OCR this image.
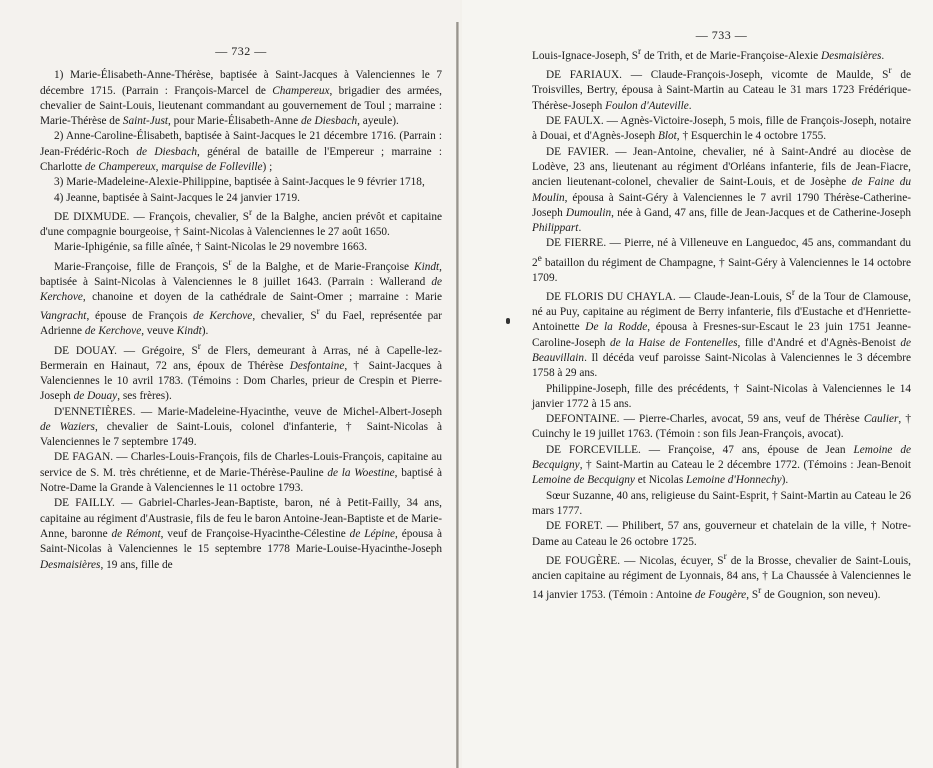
— 732 —

1) Marie-Élisabeth-Anne-Thérèse, baptisée à Saint-Jacques à Valenciennes le 7 décembre 1715. (Parrain : François-Marcel de Champereux, brigadier des armées, chevalier de Saint-Louis, lieutenant commandant au gouvernement de Toul ; marraine : Marie-Thérèse de Saint-Just, pour Marie-Élisabeth-Anne de Diesbach, ayeule).

2) Anne-Caroline-Élisabeth, baptisée à Saint-Jacques le 21 décembre 1716. (Parrain : Jean-Frédéric-Roch de Diesbach, général de bataille de l'Empereur ; marraine : Charlotte de Champereux, marquise de Folleville) ;

3) Marie-Madeleine-Alexie-Philippine, baptisée à Saint-Jacques le 9 février 1718,

4) Jeanne, baptisée à Saint-Jacques le 24 janvier 1719.

DE DIXMUDE. — François, chevalier, $S^r$ de la Balghe, ancien prévôt et capitaine d'une compagnie bourgeoise, † Saint-Nicolas à Valenciennes le 27 août 1650.

Marie-Iphigénie, sa fille aînée, † Saint-Nicolas le 29 novembre 1663.

Marie-Françoise, fille de François, $S^r$ de la Balghe, et de Marie-Françoise Kindt, baptisée à Saint-Nicolas à Valenciennes le 8 juillet 1643. (Parrain : Wallerand de Kerchove, chanoine et doyen de la cathédrale de Saint-Omer ; marraine : Marie Vangracht, épouse de François de Kerchove, chevalier, $S^r$ du Fael, représentée par Adrienne de Kerchove, veuve Kindt).

DE DOUAY. — Grégoire, $S^r$ de Flers, demeurant à Arras, né à Capelle-lez-Bermerain en Hainaut, 72 ans, époux de Thérèse Desfontaine, † Saint-Jacques à Valenciennes le 10 avril 1783. (Témoins : Dom Charles, prieur de Crespin et Pierre-Joseph de Douay, ses frères).

D'ENNETIÈRES. — Marie-Madeleine-Hyacinthe, veuve de Michel-Albert-Joseph de Waziers, chevalier de Saint-Louis, colonel d'infanterie, † Saint-Nicolas à Valenciennes le 7 septembre 1749.

DE FAGAN. — Charles-Louis-François, fils de Charles-Louis-François, capitaine au service de S. M. très chrétienne, et de Marie-Thérèse-Pauline de la Woestine, baptisé à Notre-Dame la Grande à Valenciennes le 11 octobre 1793.

DE FAILLY. — Gabriel-Charles-Jean-Baptiste, baron, né à Petit-Failly, 34 ans, capitaine au régiment d'Austrasie, fils de feu le baron Antoine-Jean-Baptiste et de Marie-Anne, baronne de Rémont, veuf de Françoise-Hyacinthe-Célestine de Lépine, épousa à Saint-Nicolas à Valenciennes le 15 septembre 1778 Marie-Louise-Hyacinthe-Joseph Desmaisières, 19 ans, fille de

— 733 —

Louis-Ignace-Joseph, $S^r$ de Trith, et de Marie-Françoise-Alexie Desmaisières.

DE FARIAUX. — Claude-François-Joseph, vicomte de Maulde, $S^r$ de Troisvilles, Bertry, épousa à Saint-Martin au Cateau le 31 mars 1723 Frédérique-Thérèse-Joseph Foulon d'Auteville.

DE FAULX. — Agnès-Victoire-Joseph, 5 mois, fille de François-Joseph, notaire à Douai, et d'Agnès-Joseph Blot, † Esquerchin le 4 octobre 1755.

DE FAVIER. — Jean-Antoine, chevalier, né à Saint-André au diocèse de Lodève, 23 ans, lieutenant au régiment d'Orléans infanterie, fils de Jean-Fiacre, ancien lieutenant-colonel, chevalier de Saint-Louis, et de Josèphe de Faine du Moulin, épousa à Saint-Géry à Valenciennes le 7 avril 1790 Thérèse-Catherine-Joseph Dumoulin, née à Gand, 47 ans, fille de Jean-Jacques et de Catherine-Joseph Philippart.

DE FIERRE. — Pierre, né à Villeneuve en Languedoc, 45 ans, commandant du 2e bataillon du régiment de Champagne, † Saint-Géry à Valenciennes le 14 octobre 1709.

DE FLORIS DU CHAYLA. — Claude-Jean-Louis, $S^r$ de la Tour de Clamouse, né au Puy, capitaine au régiment de Berry infanterie, fils d'Eustache et d'Henriette-Antoinette De la Rodde, épousa à Fresnes-sur-Escaut le 23 juin 1751 Jeanne-Caroline-Joseph de la Haise de Fontenelles, fille d'André et d'Agnès-Benoist de Beauvillain. Il décéda veuf paroisse Saint-Nicolas à Valenciennes le 3 décembre 1758 à 29 ans.

Philippine-Joseph, fille des précédents, † Saint-Nicolas à Valenciennes le 14 janvier 1772 à 15 ans.

DEFONTAINE. — Pierre-Charles, avocat, 59 ans, veuf de Thérèse Caulier, † Cuinchy le 19 juillet 1763. (Témoin : son fils Jean-François, avocat).

DE FORCEVILLE. — Françoise, 47 ans, épouse de Jean Lemoine de Becquigny, † Saint-Martin au Cateau le 2 décembre 1772. (Témoins : Jean-Benoit Lemoine de Becquigny et Nicolas Lemoine d'Honnechy).

Sœur Suzanne, 40 ans, religieuse du Saint-Esprit, † Saint-Martin au Cateau le 26 mars 1777.

DE FORET. — Philibert, 57 ans, gouverneur et chatelain de la ville, † Notre-Dame au Cateau le 26 octobre 1725.

DE FOUGÈRE. — Nicolas, écuyer, $S^r$ de la Brosse, chevalier de Saint-Louis, ancien capitaine au régiment de Lyonnais, 84 ans, † La Chaussée à Valenciennes le 14 janvier 1753. (Témoin : Antoine de Fougère, $S^r$ de Gougnion, son neveu).
